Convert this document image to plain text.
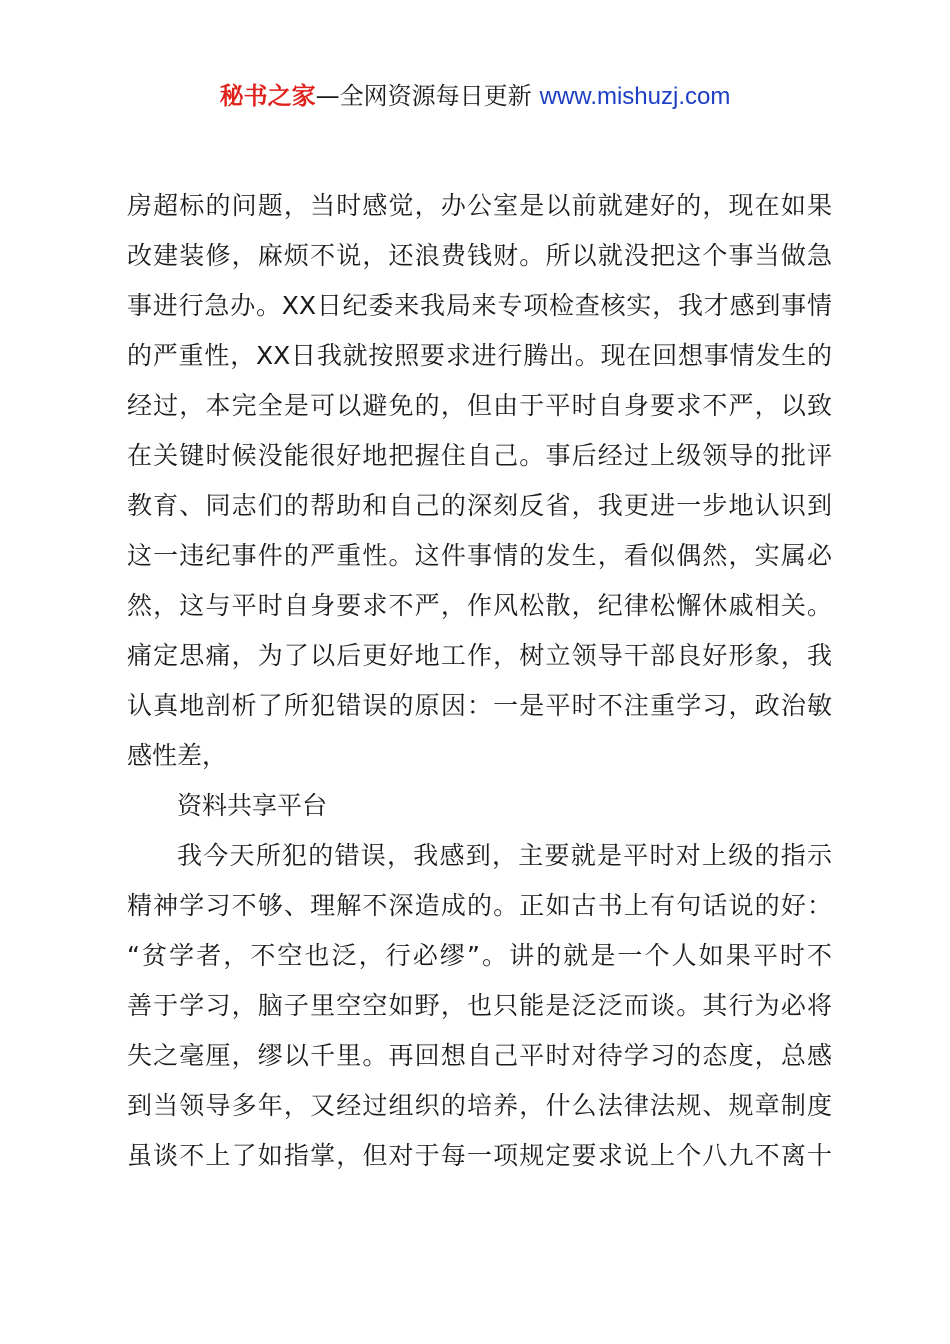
秘书之家—全网资源每日更新 www.mishuzj.com
房超标的问题，当时感觉，办公室是以前就建好的，现在如果
改建装修，麻烦不说，还浪费钱财。所以就没把这个事当做急
事进行急办。XX日纪委来我局来专项检查核实，我才感到事情
的严重性，XX日我就按照要求进行腾出。现在回想事情发生的
经过，本完全是可以避免的，但由于平时自身要求不严，以致
在关键时候没能很好地把握住自己。事后经过上级领导的批评
教育、同志们的帮助和自己的深刻反省，我更进一步地认识到
这一违纪事件的严重性。这件事情的发生，看似偶然，实属必
然，这与平时自身要求不严，作风松散，纪律松懈休戚相关。
痛定思痛，为了以后更好地工作，树立领导干部良好形象，我
认真地剖析了所犯错误的原因：一是平时不注重学习，政治敏
感性差，
资料共享平台
我今天所犯的错误，我感到，主要就是平时对上级的指示
精神学习不够、理解不深造成的。正如古书上有句话说的好：
“贫学者，不空也泛，行必缪”。讲的就是一个人如果平时不
善于学习，脑子里空空如野，也只能是泛泛而谈。其行为必将
失之毫厘，缪以千里。再回想自己平时对待学习的态度，总感
到当领导多年，又经过组织的培养，什么法律法规、规章制度
虽谈不上了如指掌，但对于每一项规定要求说上个八九不离十
